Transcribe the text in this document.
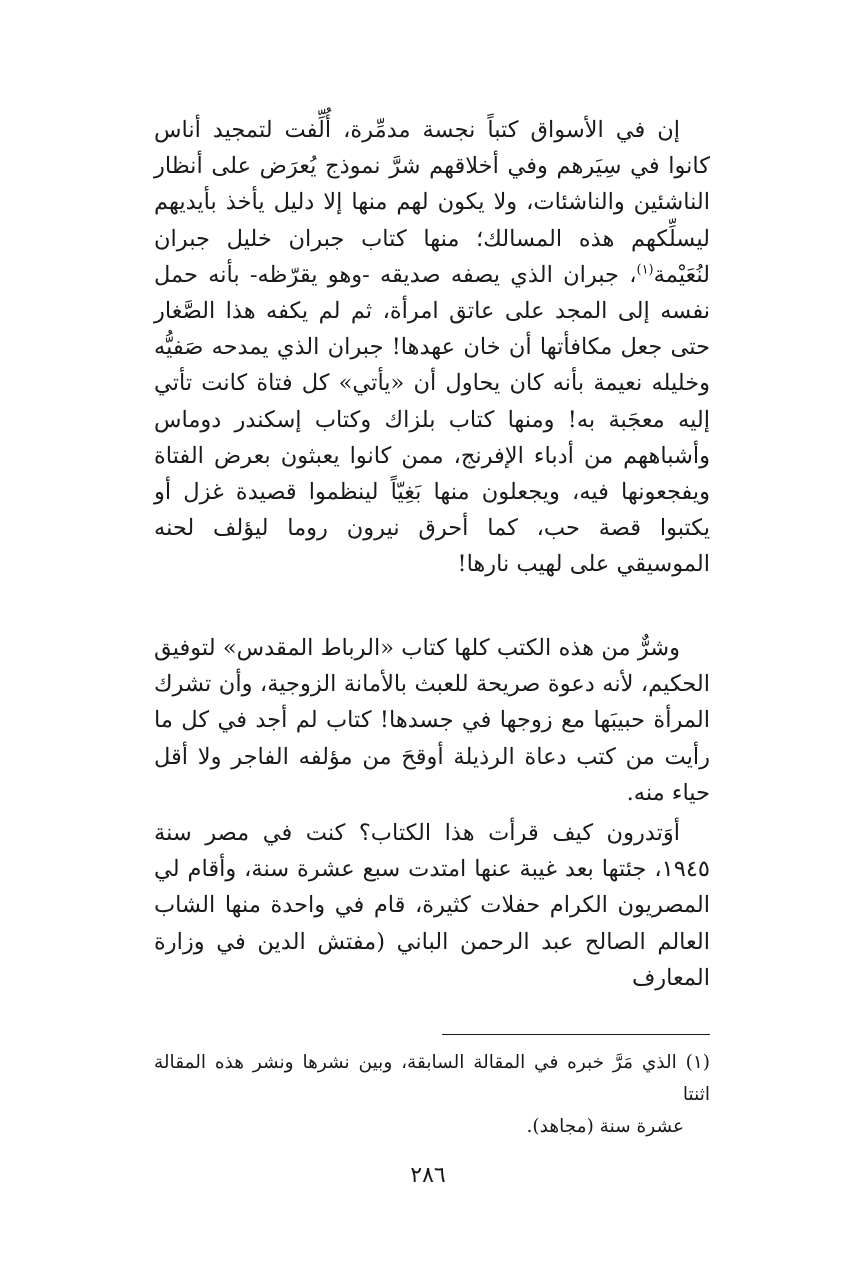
إن في الأسواق كتباً نجسة مدمِّرة، أُلِّفت لتمجيد أناس كانوا في سِيَرهم وفي أخلاقهم شرَّ نموذج يُعرَض على أنظار الناشئين والناشئات، ولا يكون لهم منها إلا دليل يأخذ بأيديهم ليسلِّكهم هذه المسالك؛ منها كتاب جبران خليل جبران لنُعَيْمة$^{(١)}$، جبران الذي يصفه صديقه -وهو يقرّظه- بأنه حمل نفسه إلى المجد على عاتق امرأة، ثم لم يكفه هذا الصَّغار حتى جعل مكافأتها أن خان عهدها! جبران الذي يمدحه صَفيُّه وخليله نعيمة بأنه كان يحاول أن «يأتي» كل فتاة كانت تأتي إليه معجَبة به! ومنها كتاب بلزاك وكتاب إسكندر دوماس وأشباههم من أدباء الإفرنج، ممن كانوا يعبثون بعرض الفتاة ويفجعونها فيه، ويجعلون منها بَغِيّاً لينظموا قصيدة غزل أو يكتبوا قصة حب، كما أحرق نيرون روما ليؤلف لحنه الموسيقي على لهيب نارها!

وشرٌّ من هذه الكتب كلها كتاب «الرباط المقدس» لتوفيق الحكيم، لأنه دعوة صريحة للعبث بالأمانة الزوجية، وأن تشرك المرأة حبيبَها مع زوجها في جسدها! كتاب لم أجد في كل ما رأيت من كتب دعاة الرذيلة أوقحَ من مؤلفه الفاجر ولا أقل حياء منه.

أوَتدرون كيف قرأت هذا الكتاب؟ كنت في مصر سنة ١٩٤٥، جئتها بعد غيبة عنها امتدت سبع عشرة سنة، وأقام لي المصريون الكرام حفلات كثيرة، قام في واحدة منها الشاب العالم الصالح عبد الرحمن الباني (مفتش الدين في وزارة المعارف

(١) الذي مَرَّ خبره في المقالة السابقة، وبين نشرها ونشر هذه المقالة اثنتا
عشرة سنة (مجاهد).

٢٨٦
